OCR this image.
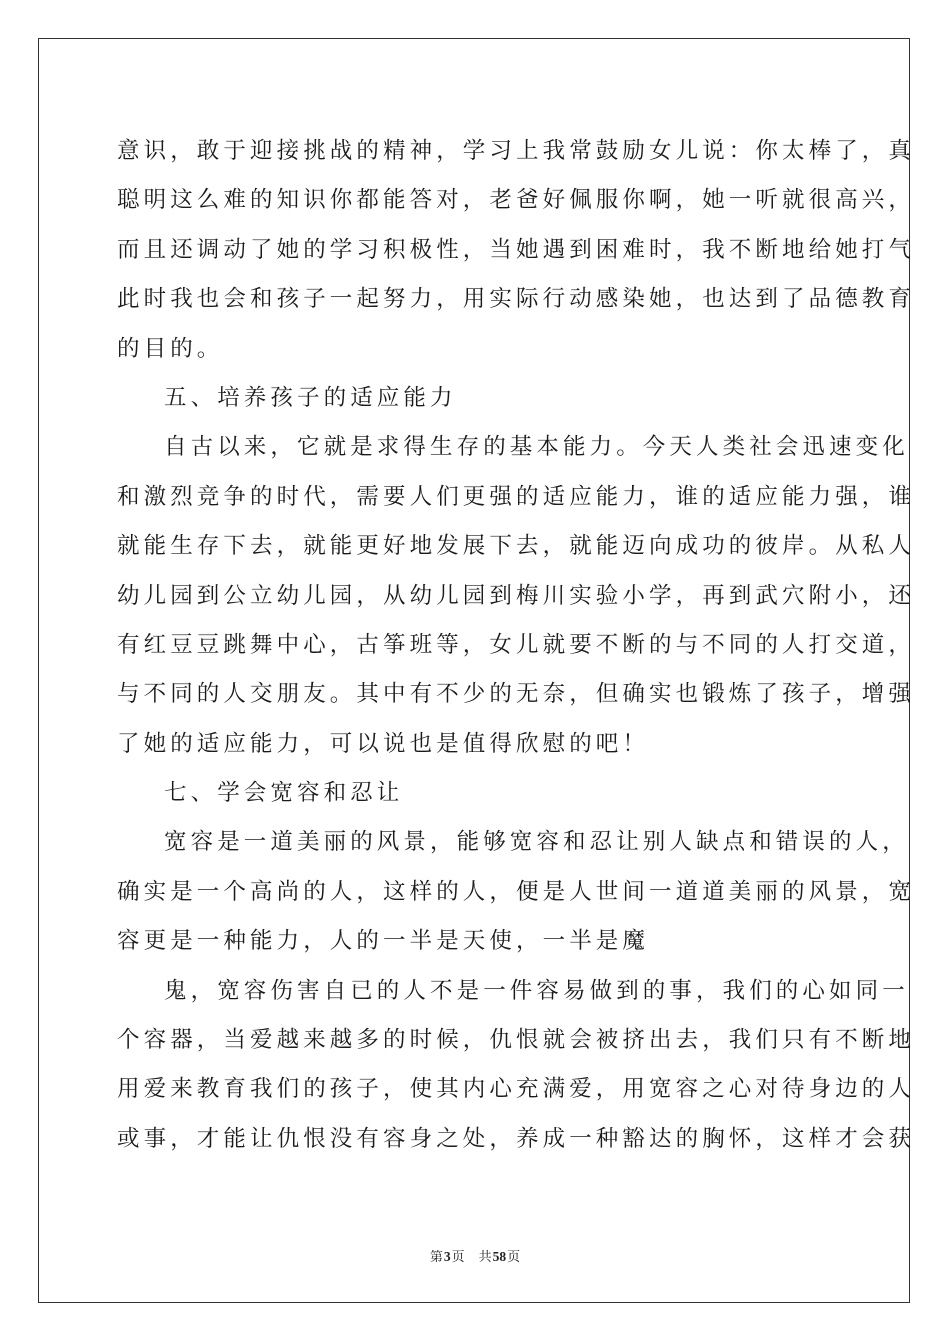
意识，敢于迎接挑战的精神，学习上我常鼓励女儿说：你太棒了，真
聪明这么难的知识你都能答对，老爸好佩服你啊，她一听就很高兴，
而且还调动了她的学习积极性，当她遇到困难时，我不断地给她打气
此时我也会和孩子一起努力，用实际行动感染她，也达到了品德教育
的目的。
五、培养孩子的适应能力
自古以来，它就是求得生存的基本能力。今天人类社会迅速变化
和激烈竞争的时代，需要人们更强的适应能力，谁的适应能力强，谁
就能生存下去，就能更好地发展下去，就能迈向成功的彼岸。从私人
幼儿园到公立幼儿园，从幼儿园到梅川实验小学，再到武穴附小，还
有红豆豆跳舞中心，古筝班等，女儿就要不断的与不同的人打交道，
与不同的人交朋友。其中有不少的无奈，但确实也锻炼了孩子，增强
了她的适应能力，可以说也是值得欣慰的吧！
七、学会宽容和忍让
宽容是一道美丽的风景，能够宽容和忍让别人缺点和错误的人，
确实是一个高尚的人，这样的人，便是人世间一道道美丽的风景，宽
容更是一种能力，人的一半是天使，一半是魔
鬼，宽容伤害自已的人不是一件容易做到的事，我们的心如同一
个容器，当爱越来越多的时候，仇恨就会被挤出去，我们只有不断地
用爱来教育我们的孩子，使其内心充满爱，用宽容之心对待身边的人
或事，才能让仇恨没有容身之处，养成一种豁达的胸怀，这样才会获
第3页 共58页
